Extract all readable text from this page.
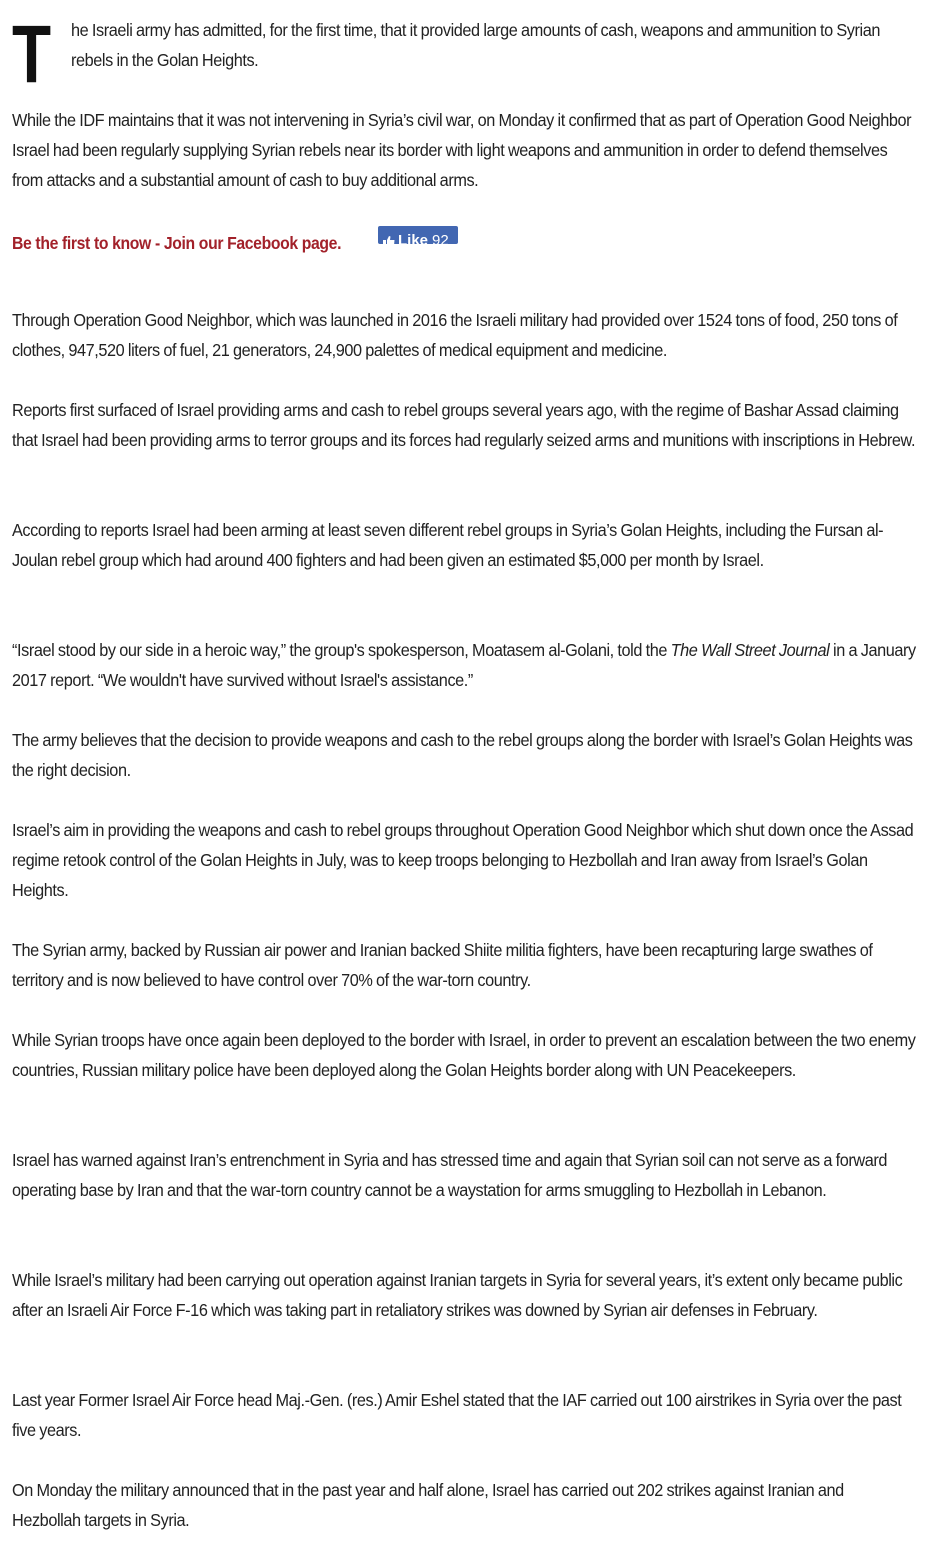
T he Israeli army has admitted, for the first time, that it provided large amounts of cash, weapons and ammunition to Syrian rebels in the Golan Heights.

While the IDF maintains that it was not intervening in Syria’s civil war, on Monday it confirmed that as part of Operation Good Neighbor Israel had been regularly supplying Syrian rebels near its border with light weapons and ammunition in order to defend themselves from attacks and a substantial amount of cash to buy additional arms.

Be the first to know - Join our Facebook page.	Like 92

Through Operation Good Neighbor, which was launched in 2016 the Israeli military had provided over 1524 tons of food, 250 tons of clothes, 947,520 liters of fuel, 21 generators, 24,900 palettes of medical equipment and medicine.

Reports first surfaced of Israel providing arms and cash to rebel groups several years ago, with the regime of Bashar Assad claiming that Israel had been providing arms to terror groups and its forces had regularly seized arms and munitions with inscriptions in Hebrew.

According to reports Israel had been arming at least seven different rebel groups in Syria’s Golan Heights, including the Fursan al-Joulan rebel group which had around 400 fighters and had been given an estimated $5,000 per month by Israel.

“Israel stood by our side in a heroic way,” the group's spokesperson, Moatasem al-Golani, told the The Wall Street Journal in a January 2017 report. “We wouldn't have survived without Israel's assistance.”

The army believes that the decision to provide weapons and cash to the rebel groups along the border with Israel’s Golan Heights was the right decision.

Israel’s aim in providing the weapons and cash to rebel groups throughout Operation Good Neighbor which shut down once the Assad regime retook control of the Golan Heights in July, was to keep troops belonging to Hezbollah and Iran away from Israel’s Golan Heights.

The Syrian army, backed by Russian air power and Iranian backed Shiite militia fighters, have been recapturing large swathes of territory and is now believed to have control over 70% of the war-torn country.

While Syrian troops have once again been deployed to the border with Israel, in order to prevent an escalation between the two enemy countries, Russian military police have been deployed along the Golan Heights border along with UN Peacekeepers.

Israel has warned against Iran’s entrenchment in Syria and has stressed time and again that Syrian soil can not serve as a forward operating base by Iran and that the war-torn country cannot be a waystation for arms smuggling to Hezbollah in Lebanon.

While Israel’s military had been carrying out operation against Iranian targets in Syria for several years, it’s extent only became public after an Israeli Air Force F-16 which was taking part in retaliatory strikes was downed by Syrian air defenses in February.

Last year Former Israel Air Force head Maj.-Gen. (res.) Amir Eshel stated that the IAF carried out 100 airstrikes in Syria over the past five years.

On Monday the military announced that in the past year and half alone, Israel has carried out 202 strikes against Iranian and Hezbollah targets in Syria.
